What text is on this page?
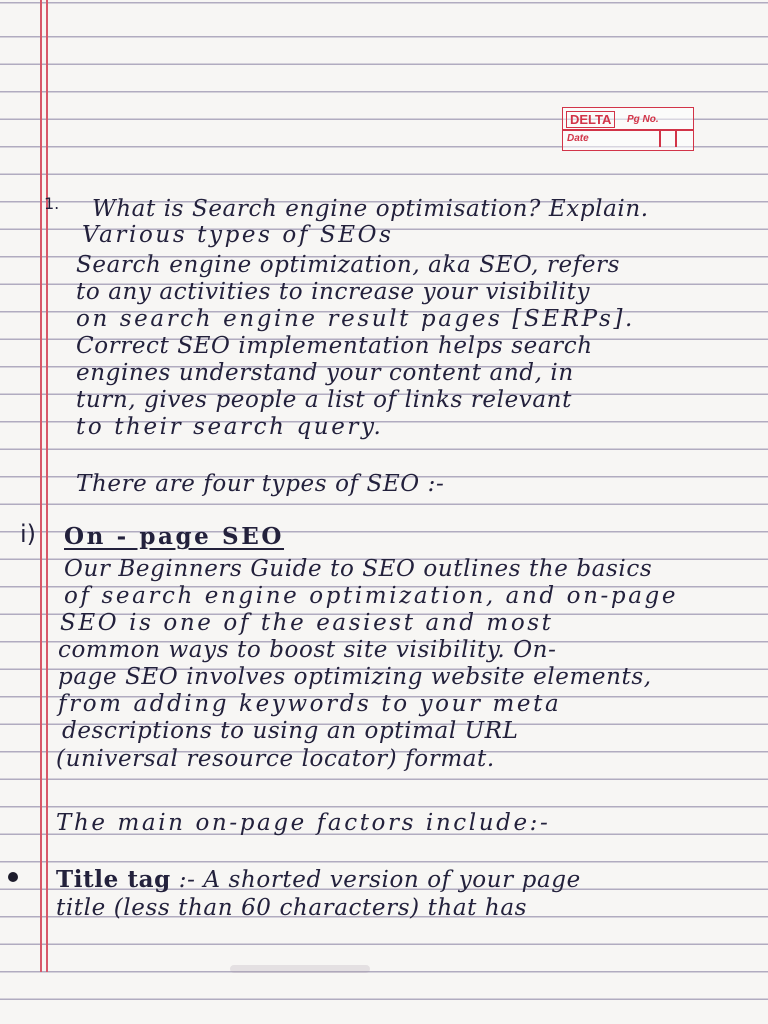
DELTA	Pg No.
Date
1. What is Search engine optimisation? Explain.
Various types of SEOs
Search engine optimization, aka SEO, refers
to any activities to increase your visibility
on search engine result pages [SERPs].
Correct SEO implementation helps search
engines understand your content and, in
turn, gives people a list of links relevant
to their search query.
There are four types of SEO :-
i) On - page SEO
Our Beginners Guide to SEO outlines the basics
of search engine optimization, and on-page
SEO is one of the easiest and most
common ways to boost site visibility. On-
page SEO involves optimizing website elements,
from adding keywords to your meta
descriptions to using an optimal URL
(universal resource locator) format.
The main on-page factors include:-
Title tag :- A shorted version of your page
title (less than 60 characters) that has
